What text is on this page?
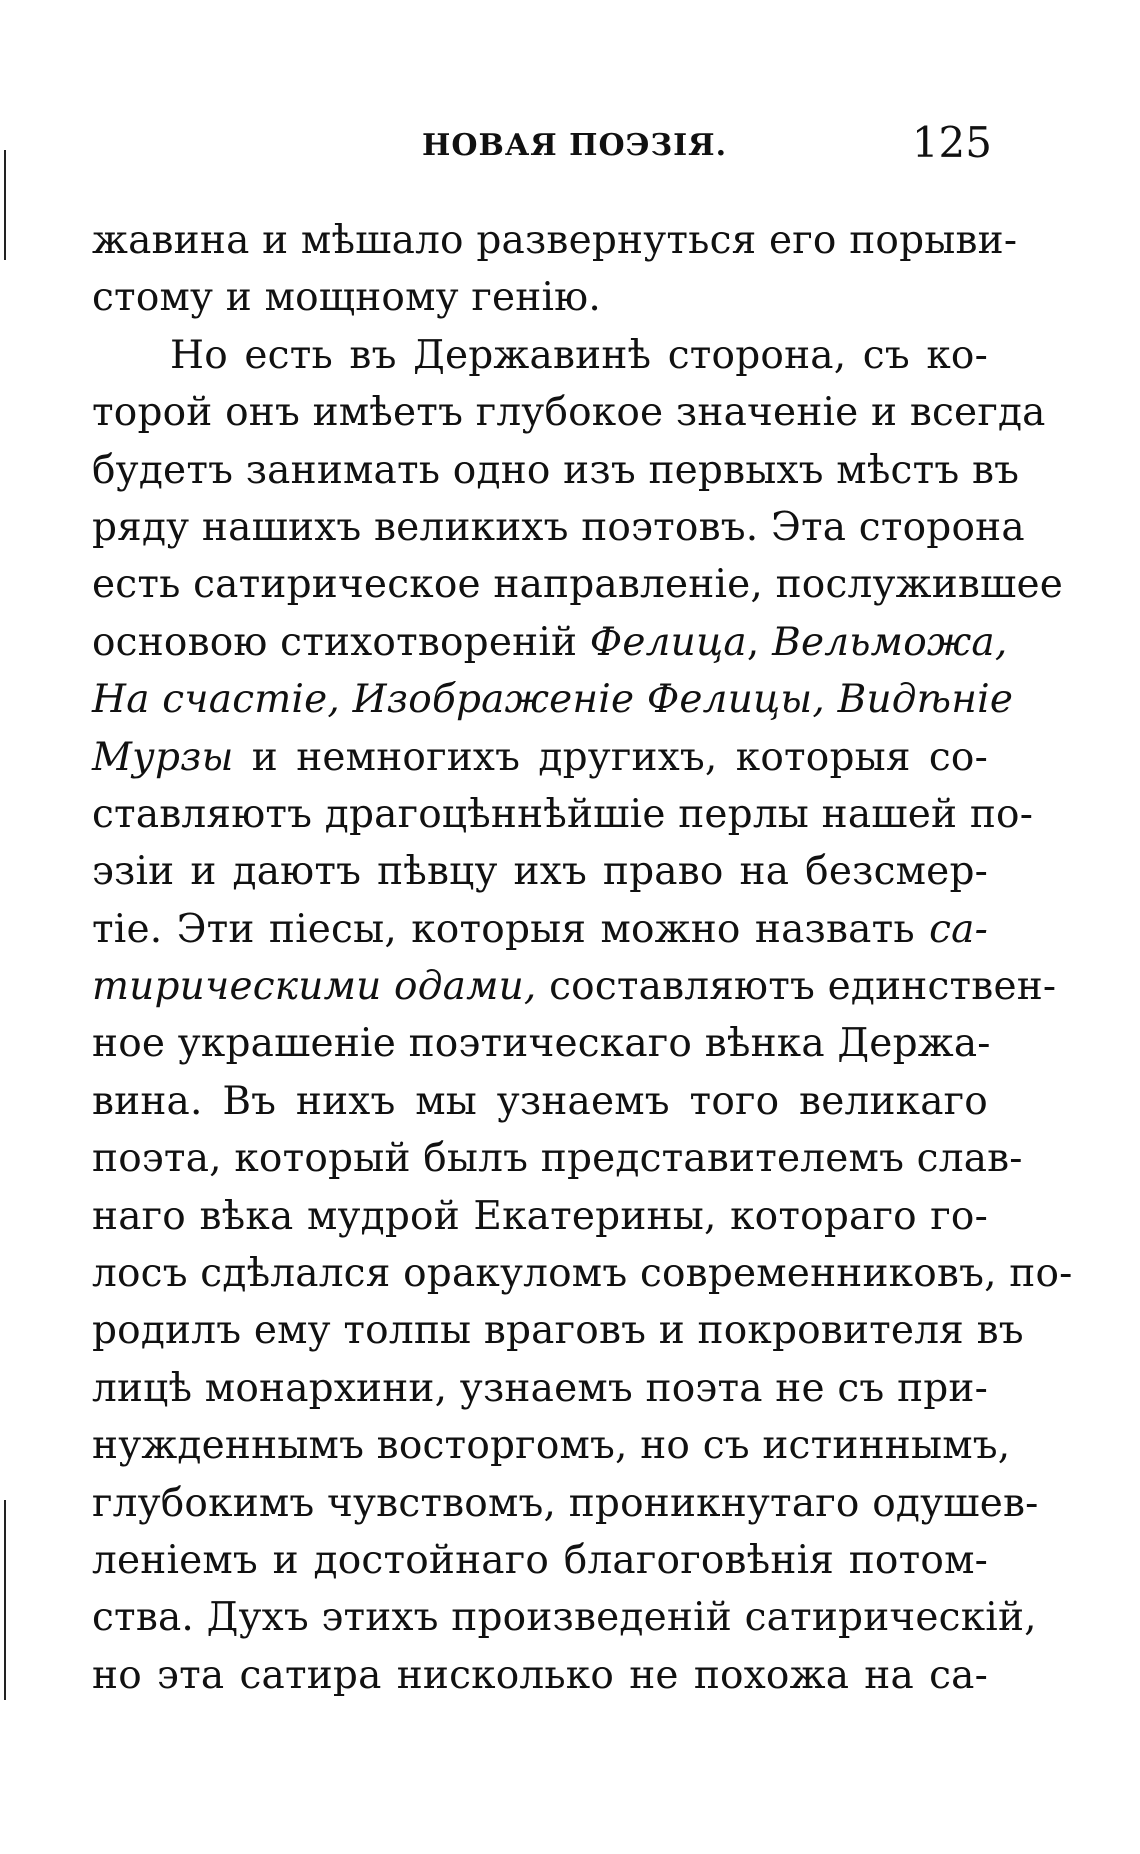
НОВАЯ ПОЭЗІЯ.	125
жавина и мѣшало развернуться его порыви-
стому и мощному генію.
Но есть въ Державинѣ сторона, съ ко-
торой онъ имѣетъ глубокое значеніе и всегда
будетъ занимать одно изъ первыхъ мѣстъ въ
ряду нашихъ великихъ поэтовъ. Эта сторона
есть сатирическое направленіе, послужившее
основою стихотвореній Фелица, Вельможа,
На счастіе, Изображеніе Фелицы, Видѣніе
Мурзы и немногихъ другихъ, которыя со-
ставляютъ драгоцѣннѣйшіе перлы нашей по-
эзіи и даютъ пѣвцу ихъ право на безсмер-
тіе. Эти піесы, которыя можно назвать са-
тирическими одами, составляютъ единствен-
ное украшеніе поэтическаго вѣнка Держа-
вина. Въ нихъ мы узнаемъ того великаго
поэта, который былъ представителемъ слав-
наго вѣка мудрой Екатерины, котораго го-
лосъ сдѣлался оракуломъ современниковъ, по-
родилъ ему толпы враговъ и покровителя въ
лицѣ монархини, узнаемъ поэта не съ при-
нужденнымъ восторгомъ, но съ истиннымъ,
глубокимъ чувствомъ, проникнутаго одушев-
леніемъ и достойнаго благоговѣнія потом-
ства. Духъ этихъ произведеній сатирическій,
но эта сатира нисколько не похожа на са-
